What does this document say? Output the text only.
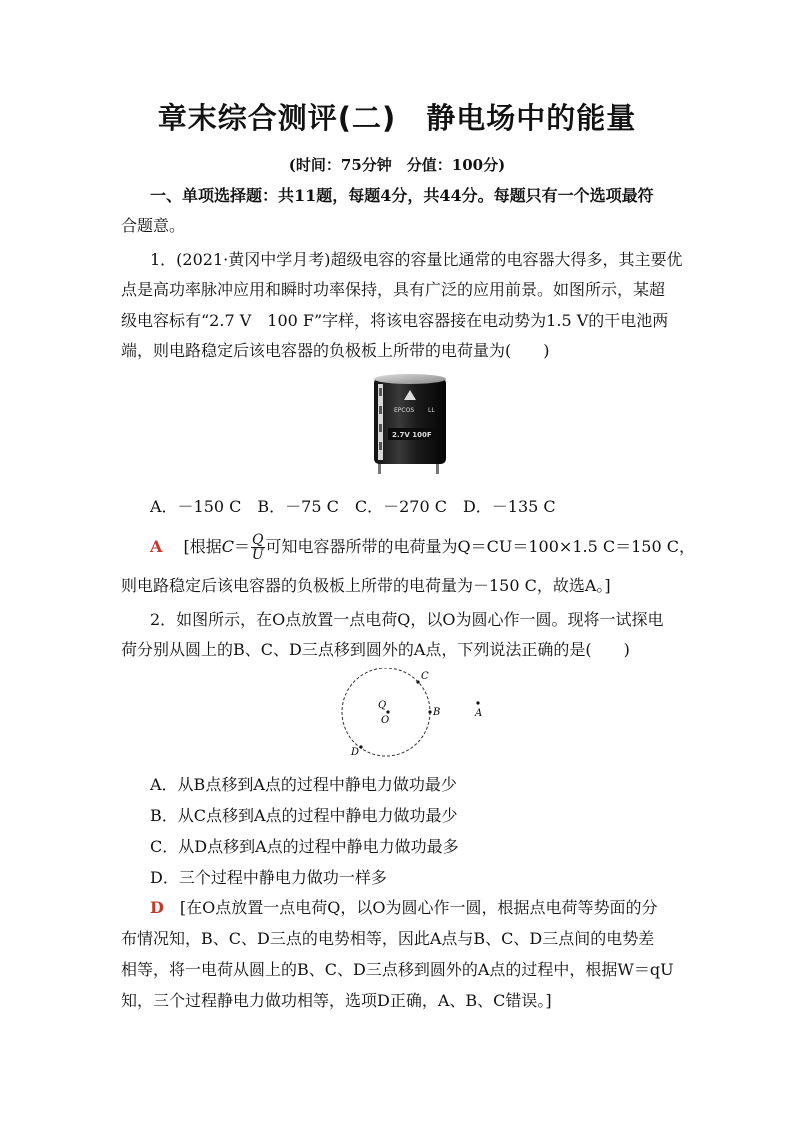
章末综合测评(二)　静电场中的能量
(时间：75分钟　分值：100分)
一、单项选择题：共11题，每题4分，共44分。每题只有一个选项最符
合题意。
1．(2021·黄冈中学月考)超级电容的容量比通常的电容器大得多，其主要优
点是高功率脉冲应用和瞬时功率保持，具有广泛的应用前景。如图所示，某超
级电容标有“2.7 V　100 F”字样，将该电容器接在电动势为1.5 V的干电池两
端，则电路稳定后该电容器的负极板上所带的电荷量为(　　)
EPCOS LL
2.7V 100F
A．－150 C　B．－75 C　C．－270 C　D．－135 C
A 　 [根据$C= \frac{Q}{U}$ 可知电容器所带的电荷量为Q＝CU＝100×1.5 C＝150 C，
则电路稳定后该电容器的负极板上所带的电荷量为－150 C，故选A。]
2．如图所示，在O点放置一点电荷Q，以O为圆心作一圆。现将一试探电
荷分别从圆上的B、C、D三点移到圆外的A点，下列说法正确的是(　　)
C
Q
O
B	A
D
A．从B点移到A点的过程中静电力做功最少
B．从C点移到A点的过程中静电力做功最少
C．从D点移到A点的过程中静电力做功最多
D．三个过程中静电力做功一样多
D　 [在O点放置一点电荷Q，以O为圆心作一圆，根据点电荷等势面的分
布情况知，B、C、D三点的电势相等，因此A点与B、C、D三点间的电势差
相等，将一电荷从圆上的B、C、D三点移到圆外的A点的过程中，根据W＝qU
知，三个过程静电力做功相等，选项D正确，A、B、C错误。]
